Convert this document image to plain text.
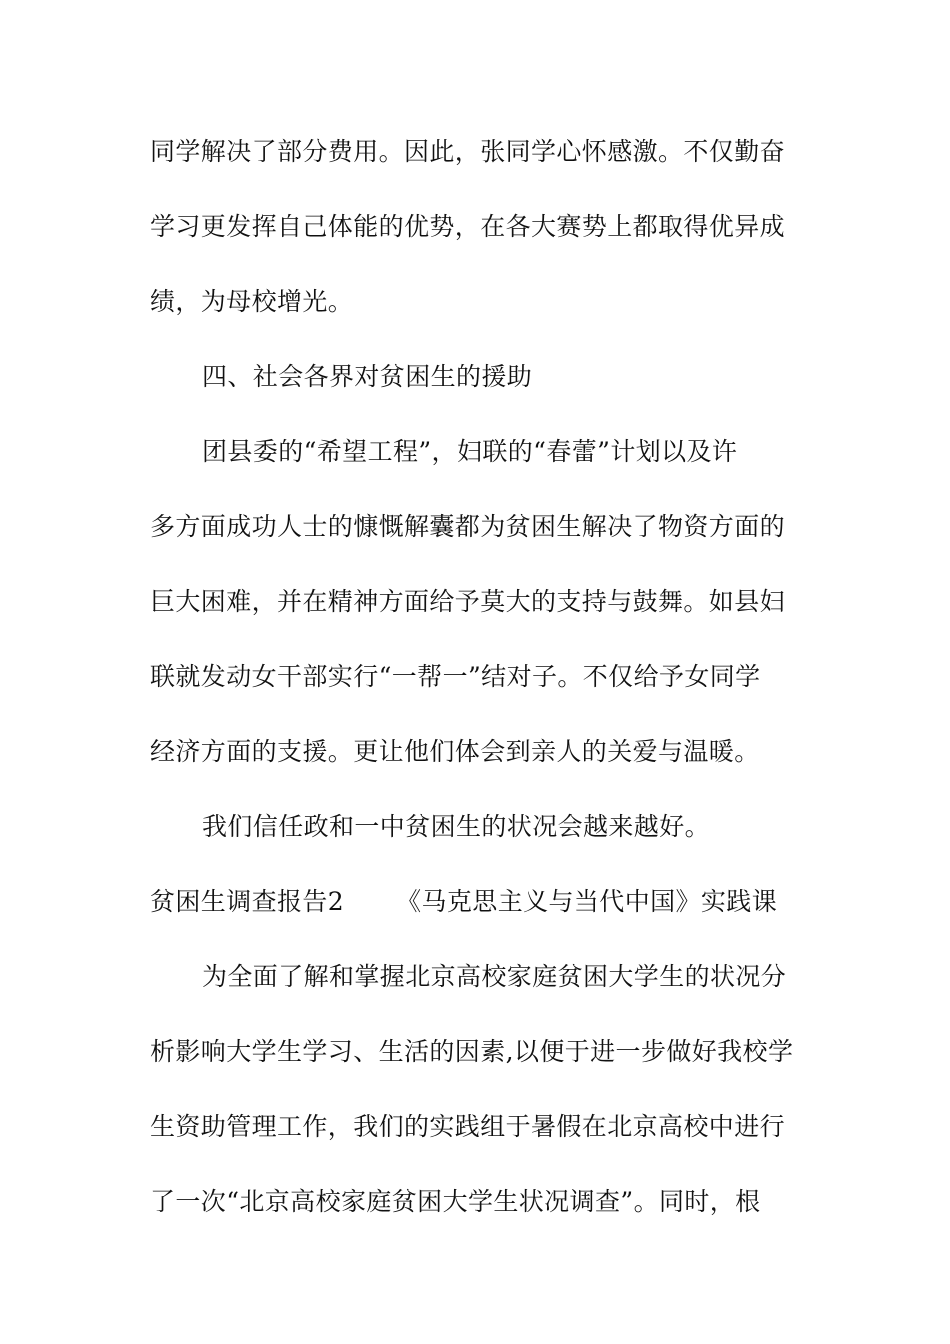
同学解决了部分费用。因此，张同学心怀感激。不仅勤奋
学习更发挥自己体能的优势，在各大赛势上都取得优异成
绩，为母校增光。
四、社会各界对贫困生的援助
团县委的“希望工程”，妇联的“春蕾”计划以及许
多方面成功人士的慷慨解囊都为贫困生解决了物资方面的
巨大困难，并在精神方面给予莫大的支持与鼓舞。如县妇
联就发动女干部实行“一帮一”结对子。不仅给予女同学
经济方面的支援。更让他们体会到亲人的关爱与温暖。
我们信任政和一中贫困生的状况会越来越好。
贫困生调查报告2 《马克思主义与当代中国》实践课
为全面了解和掌握北京高校家庭贫困大学生的状况分
析影响大学生学习、生活的因素,以便于进一步做好我校学
生资助管理工作，我们的实践组于暑假在北京高校中进行
了一次“北京高校家庭贫困大学生状况调查”。同时，根
